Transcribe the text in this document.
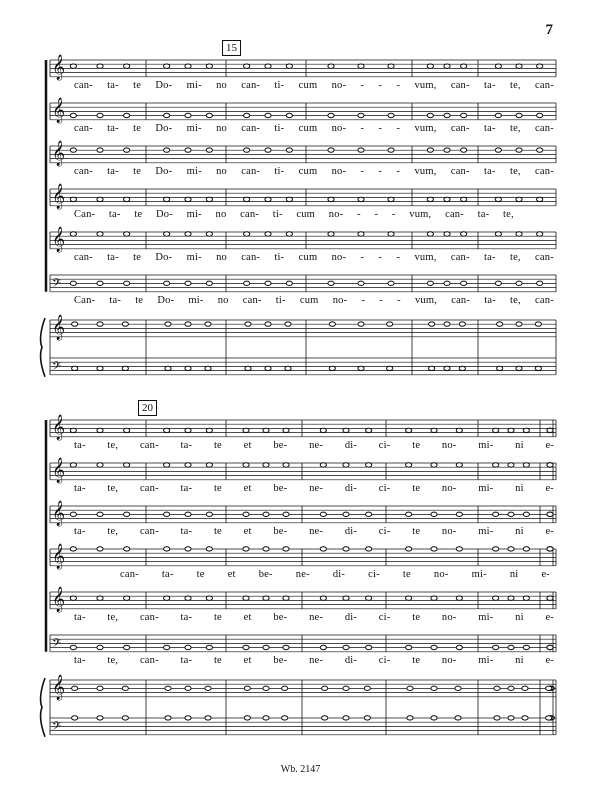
7
𝄞
𝄞
𝄞
𝄞
𝄞
𝄢
𝄞
𝄢
𝄞
𝄞
𝄞
𝄞
𝄞
𝄢
𝄞
𝄢
15
20
can- ta- te Do- mi- no can- ti- cum no- - - - vum, can- ta- te, can-
can- ta- te Do- mi- no can- ti- cum no- - - - vum, can- ta- te, can-
can- ta- te Do- mi- no can- ti- cum no- - - - vum, can- ta- te, can-
Can- ta- te Do- mi- no can- ti- cum no- - - - vum, can- ta- te,
can- ta- te Do- mi- no can- ti- cum no- - - - vum, can- ta- te, can-
Can- ta- te Do- mi- no can- ti- cum no- - - - vum, can- ta- te, can-
ta- te, can- ta- te et be- ne- di- ci- te no- mi- ni e-
ta- te, can- ta- te et be- ne- di- ci- te no- mi- ni e-
ta- te, can- ta- te et be- ne- di- ci- te no- mi- ni e-
can- ta- te et be- ne- di- ci- te no- mi- ni e-
ta- te, can- ta- te et be- ne- di- ci- te no- mi- ni e-
ta- te, can- ta- te et be- ne- di- ci- te no- mi- ni e-
Wb. 2147
